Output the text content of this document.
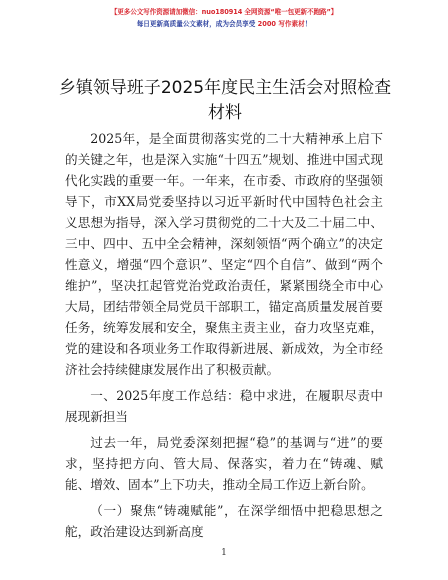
【更多公文写作资源请加微信：nuo180914 全网资源“唯一包更新不跑路”】
每日更新高质量公文素材，成为会员享受 2000 写作素材！
乡镇领导班子2025年度民主生活会对照检查材料

2025年，是全面贯彻落实党的二十大精神承上启下的关键之年，也是深入实施“十四五”规划、推进中国式现代化实践的重要一年。一年来，在市委、市政府的坚强领导下，市XX局党委坚持以习近平新时代中国特色社会主义思想为指导，深入学习贯彻党的二十大及二十届二中、三中、四中、五中全会精神，深刻领悟“两个确立”的决定性意义，增强“四个意识”、坚定“四个自信”、做到“两个维护”，坚决扛起管党治党政治责任，紧紧围绕全市中心大局，团结带领全局党员干部职工，锚定高质量发展首要任务，统筹发展和安全，聚焦主责主业，奋力攻坚克难，党的建设和各项业务工作取得新进展、新成效，为全市经济社会持续健康发展作出了积极贡献。

一、2025年度工作总结：稳中求进，在履职尽责中展现新担当

过去一年，局党委深刻把握“稳”的基调与“进”的要求，坚持把方向、管大局、保落实，着力在“铸魂、赋能、增效、固本”上下功夫，推动全局工作迈上新台阶。

（一）聚焦“铸魂赋能”，在深学细悟中把稳思想之舵，政治建设达到新高度

1
